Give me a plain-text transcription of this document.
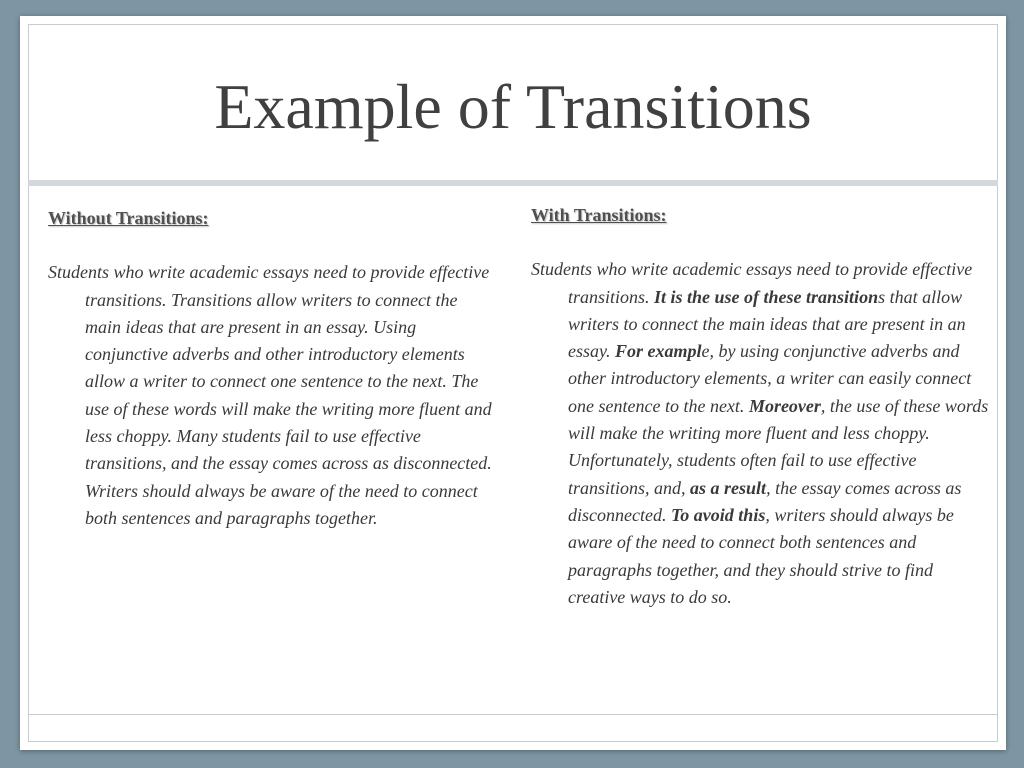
Example of Transitions
Without Transitions:

Students who write academic essays need to provide effective transitions. Transitions allow writers to connect the main ideas that are present in an essay. Using conjunctive adverbs and other introductory elements allow a writer to connect one sentence to the next. The use of these words will make the writing more fluent and less choppy. Many students fail to use effective transitions, and the essay comes across as disconnected. Writers should always be aware of the need to connect both sentences and paragraphs together.

With Transitions:

Students who write academic essays need to provide effective transitions. It is the use of these transitions that allow writers to connect the main ideas that are present in an essay. For example, by using conjunctive adverbs and other introductory elements, a writer can easily connect one sentence to the next. Moreover, the use of these words will make the writing more fluent and less choppy. Unfortunately, students often fail to use effective transitions, and, as a result, the essay comes across as disconnected. To avoid this, writers should always be aware of the need to connect both sentences and paragraphs together, and they should strive to find creative ways to do so.
